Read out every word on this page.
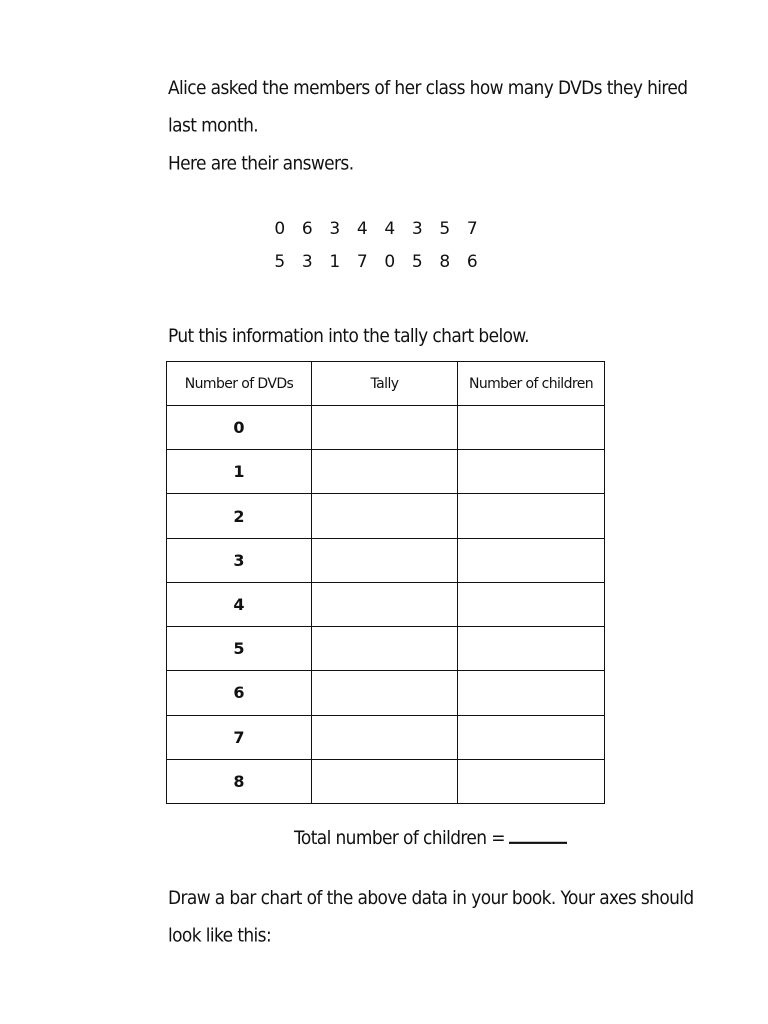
Alice asked the members of her class how many DVDs they hired
last month.
Here are their answers.
0 6 3 4 4 3 5 7
5 3 1 7 0 5 8 6
Put this information into the tally chart below.
Number of DVDs	Tally	Number of children
0		
1		
2		
3		
4		
5		
6		
7		
8		
Total number of children =
Draw a bar chart of the above data in your book. Your axes should
look like this:
